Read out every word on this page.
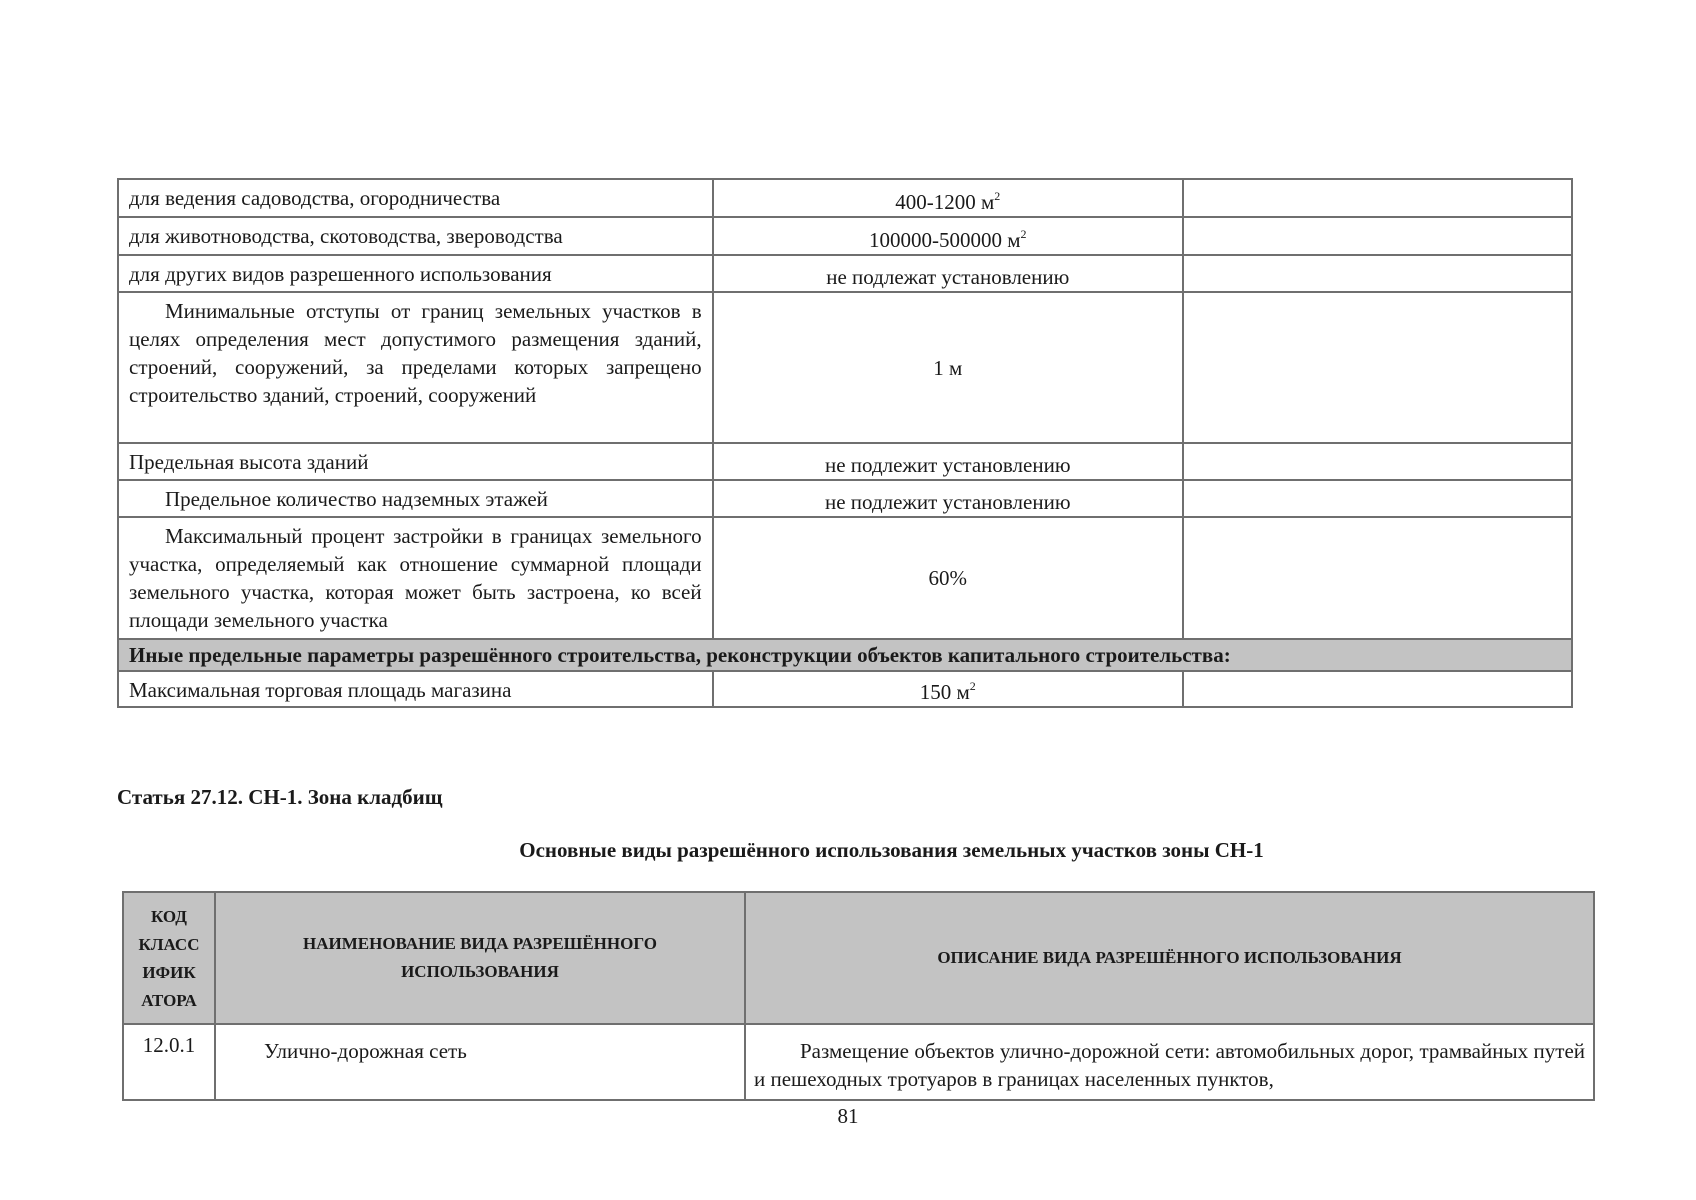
для ведения садоводства, огородничества	400-1200 $м^2$	
для животноводства, скотоводства, звероводства	100000-500000 $м^2$	
для других видов разрешенного использования	не подлежат установлению	
Минимальные отступы от границ земельных участков в целях определения мест допустимого размещения зданий, строений, сооружений, за пределами которых запрещено строительство зданий, строений, сооружений	1 м	
Предельная высота зданий	не подлежит установлению	
Предельное количество надземных этажей	не подлежит установлению	
Максимальный процент застройки в границах земельного участка, определяемый как отношение суммарной площади земельного участка, которая может быть застроена, ко всей площади земельного участка	60%	
Иные предельные параметры разрешённого строительства, реконструкции объектов капитального строительства:		
Максимальная торговая площадь магазина	150 $м^2$	
Статья 27.12. СН-1. Зона кладбищ
Основные виды разрешённого использования земельных участков зоны СН-1
КОД КЛАСС ИФИК АТОРА	НАИМЕНОВАНИЕ ВИДА РАЗРЕШЁННОГО ИСПОЛЬЗОВАНИЯ	ОПИСАНИЕ ВИДА РАЗРЕШЁННОГО ИСПОЛЬЗОВАНИЯ
12.0.1	Улично-дорожная сеть	Размещение объектов улично-дорожной сети: автомобильных дорог, трамвайных путей и пешеходных тротуаров в границах населенных пунктов,
81
